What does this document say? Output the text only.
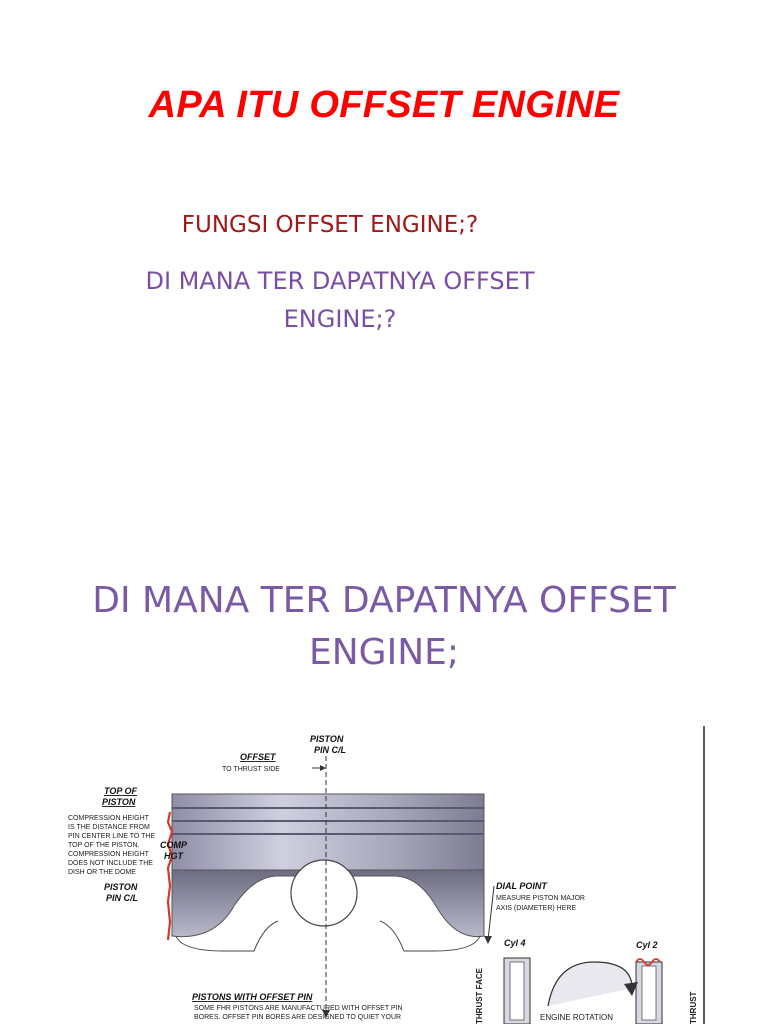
APA ITU OFFSET ENGINE
FUNGSI OFFSET ENGINE;?
DI MANA TER DAPATNYA OFFSET
ENGINE;?
DI MANA TER DAPATNYA OFFSET
ENGINE;
PISTON
PIN C/L
OFFSET
TO THRUST SIDE
TOP OF
PISTON
COMPRESSION HEIGHT
IS THE DISTANCE FROM
PIN CENTER LINE TO THE
TOP OF THE PISTON.
COMPRESSION HEIGHT
DOES NOT INCLUDE THE
DISH OR THE DOME
COMP
HGT
PISTON
PIN C/L
DIAL POINT
MEASURE PISTON MAJOR
AXIS (DIAMETER) HERE
Cyl 4	Cyl 2
THRUST FACE	THRUST
PISTONS WITH OFFSET PIN
SOME FHR PISTONS ARE MANUFACTURED WITH OFFSET PIN
BORES. OFFSET PIN BORES ARE DESIGNED TO QUIET YOUR	ENGINE ROTATION
